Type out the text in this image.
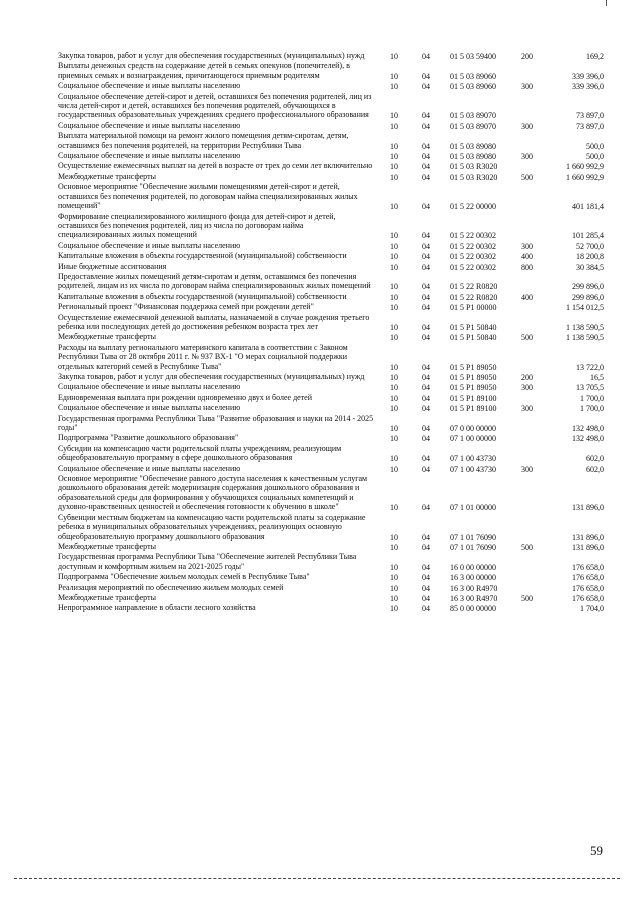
Закупка товаров, работ и услуг для обеспечения государственных (муниципальных) нужд	10	04	01 5 03 59400	200	169,2
Выплаты денежных средств на содержание детей в семьях опекунов (попечителей), в приемных семьях и вознаграждения, причитающегося приемным родителям	10	04	01 5 03 89060		339 396,0
Социальное обеспечение и иные выплаты населению	10	04	01 5 03 89060	300	339 396,0
Социальное обеспечение детей-сирот и детей, оставшихся без попечения родителей, лиц из числа детей-сирот и детей, оставшихся без попечения родителей, обучающихся в государственных образовательных учреждениях среднего профессионального образования	10	04	01 5 03 89070		73 897,0
Социальное обеспечение и иные выплаты населению	10	04	01 5 03 89070	300	73 897,0
Выплата материальной помощи на ремонт жилого помещения детям-сиротам, детям, оставшимся без попечения родителей, на территории Республики Тыва	10	04	01 5 03 89080		500,0
Социальное обеспечение и иные выплаты населению	10	04	01 5 03 89080	300	500,0
Осуществление ежемесячных выплат на детей в возрасте от трех до семи лет включительно	10	04	01 5 03 R3020		1 660 992,9
Межбюджетные трансферты	10	04	01 5 03 R3020	500	1 660 992,9
Основное мероприятие "Обеспечение жилыми помещениями детей-сирот и детей, оставшихся без попечения родителей, по договорам найма специализированных жилых помещений"	10	04	01 5 22 00000		401 181,4
Формирование специализированного жилищного фонда для детей-сирот и детей, оставшихся без попечения родителей, лиц из числа по договорам найма специализированных жилых помещений	10	04	01 5 22 00302		101 285,4
Социальное обеспечение и иные выплаты населению	10	04	01 5 22 00302	300	52 700,0
Капитальные вложения в объекты государственной (муниципальной) собственности	10	04	01 5 22 00302	400	18 200,8
Иные бюджетные ассигнования	10	04	01 5 22 00302	800	30 384,5
Предоставление жилых помещений детям-сиротам и детям, оставшимся без попечения родителей, лицам из их числа по договорам найма специализированных жилых помещений	10	04	01 5 22 R0820		299 896,0
Капитальные вложения в объекты государственной (муниципальной) собственности	10	04	01 5 22 R0820	400	299 896,0
Региональный проект "Финансовая поддержка семей при рождении детей"	10	04	01 5 P1 00000		1 154 012,5
Осуществление ежемесячной денежной выплаты, назначаемой в случае рождения третьего ребенка или последующих детей до достижения ребенком возраста трех лет	10	04	01 5 P1 50840		1 138 590,5
Межбюджетные трансферты	10	04	01 5 P1 50840	500	1 138 590,5
Расходы на выплату регионального материнского капитала в соответствии с Законом Республики Тыва от 28 октября 2011 г. № 937 ВХ-1 "О мерах социальной поддержки отдельных категорий семей в Республике Тыва"	10	04	01 5 P1 89050		13 722,0
Закупка товаров, работ и услуг для обеспечения государственных (муниципальных) нужд	10	04	01 5 P1 89050	200	16,5
Социальное обеспечение и иные выплаты населению	10	04	01 5 P1 89050	300	13 705,5
Единовременная выплата при рождении одновременно двух и более детей	10	04	01 5 P1 89100		1 700,0
Социальное обеспечение и иные выплаты населению	10	04	01 5 P1 89100	300	1 700,0
Государственная программа Республики Тыва "Развитие образования и науки на 2014 - 2025 годы"	10	04	07 0 00 00000		132 498,0
Подпрограмма "Развитие дошкольного образования"	10	04	07 1 00 00000		132 498,0
Субсидии на компенсацию части родительской платы учреждениям, реализующим общеобразовательную программу в сфере дошкольного образования	10	04	07 1 00 43730		602,0
Социальное обеспечение и иные выплаты населению	10	04	07 1 00 43730	300	602,0
Основное мероприятие "Обеспечение равного доступа населения к качественным услугам дошкольного образования детей: модернизация содержания дошкольного образования и образовательной среды для формирования у обучающихся социальных компетенций и духовно-нравственных ценностей и обеспечения готовности к обучению в школе"	10	04	07 1 01 00000		131 896,0
Субвенции местным бюджетам на компенсацию части родительской платы за содержание ребенка в муниципальных образовательных учреждениях, реализующих основную общеобразовательную программу дошкольного образования	10	04	07 1 01 76090		131 896,0
Межбюджетные трансферты	10	04	07 1 01 76090	500	131 896,0
Государственная программа Республики Тыва "Обеспечение жителей Республики Тыва доступным и комфортным жильем на 2021-2025 годы"	10	04	16 0 00 00000		176 658,0
Подпрограмма "Обеспечение жильем молодых семей в Республике Тыва"	10	04	16 3 00 00000		176 658,0
Реализация мероприятий по обеспечению жильем молодых семей	10	04	16 3 00 R4970		176 658,0
Межбюджетные трансферты	10	04	16 3 00 R4970	500	176 658,0
Непрограммное направление в области лесного хозяйства	10	04	85 0 00 00000		1 704,0
59
